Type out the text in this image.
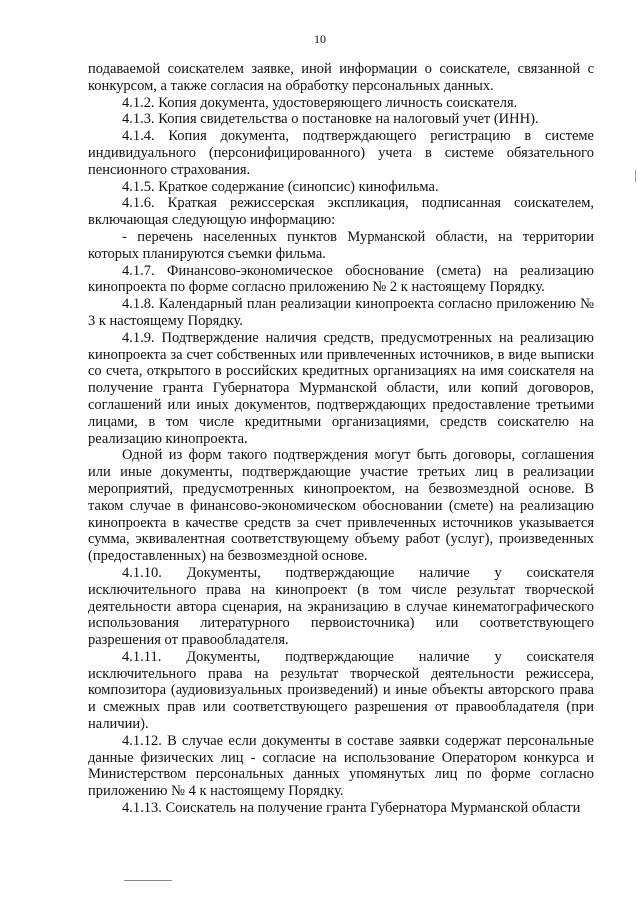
10

подаваемой соискателем заявке, иной информации о соискателе, связанной с конкурсом, а также согласия на обработку персональных данных.

4.1.2. Копия документа, удостоверяющего личность соискателя.

4.1.3. Копия свидетельства о постановке на налоговый учет (ИНН).

4.1.4. Копия документа, подтверждающего регистрацию в системе индивидуального (персонифицированного) учета в системе обязательного пенсионного страхования.

4.1.5. Краткое содержание (синопсис) кинофильма.

4.1.6. Краткая режиссерская экспликация, подписанная соискателем, включающая следующую информацию:

- перечень населенных пунктов Мурманской области, на территории которых планируются съемки фильма.

4.1.7. Финансово-экономическое обоснование (смета) на реализацию кинопроекта по форме согласно приложению № 2 к настоящему Порядку.

4.1.8. Календарный план реализации кинопроекта согласно приложению № 3 к настоящему Порядку.

4.1.9. Подтверждение наличия средств, предусмотренных на реализацию кинопроекта за счет собственных или привлеченных источников, в виде выписки со счета, открытого в российских кредитных организациях на имя соискателя на получение гранта Губернатора Мурманской области, или копий договоров, соглашений или иных документов, подтверждающих предоставление третьими лицами, в том числе кредитными организациями, средств соискателю на реализацию кинопроекта.

Одной из форм такого подтверждения могут быть договоры, соглашения или иные документы, подтверждающие участие третьих лиц в реализации мероприятий, предусмотренных кинопроектом, на безвозмездной основе. В таком случае в финансово-экономическом обосновании (смете) на реализацию кинопроекта в качестве средств за счет привлеченных источников указывается сумма, эквивалентная соответствующему объему работ (услуг), произведенных (предоставленных) на безвозмездной основе.

4.1.10. Документы, подтверждающие наличие у соискателя исключительного права на кинопроект (в том числе результат творческой деятельности автора сценария, на экранизацию в случае кинематографического использования литературного первоисточника) или соответствующего разрешения от правообладателя.

4.1.11. Документы, подтверждающие наличие у соискателя исключительного права на результат творческой деятельности режиссера, композитора (аудиовизуальных произведений) и иные объекты авторского права и смежных прав или соответствующего разрешения от правообладателя (при наличии).

4.1.12. В случае если документы в составе заявки содержат персональные данные физических лиц - согласие на использование Оператором конкурса и Министерством персональных данных упомянутых лиц по форме согласно приложению № 4 к настоящему Порядку.

4.1.13. Соискатель на получение гранта Губернатора Мурманской области
